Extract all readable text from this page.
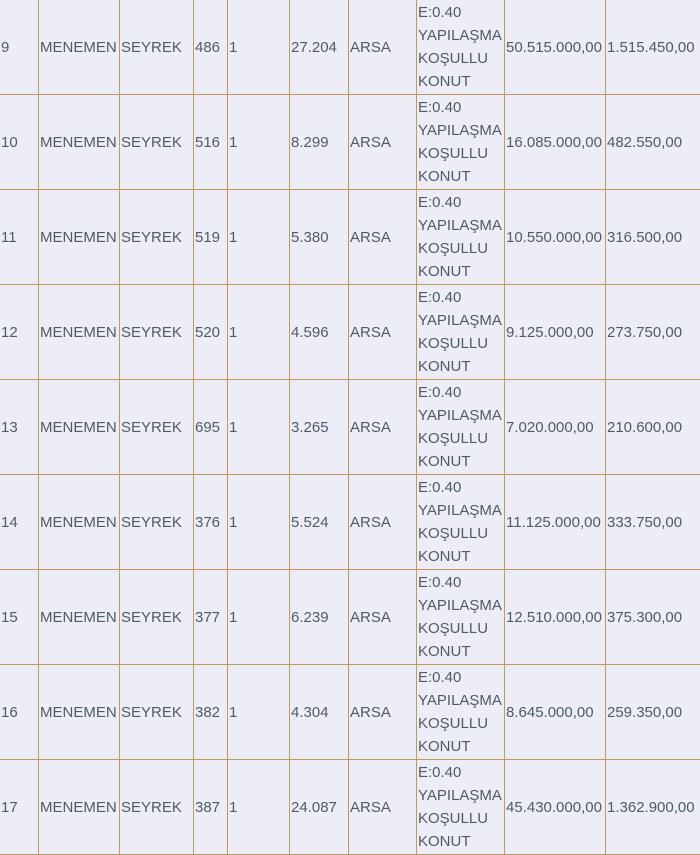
9	MENEMEN	SEYREK	486	1	27.204	ARSA	E:0.40
YAPILAŞMA
KOŞULLU
KONUT	50.515.000,00	1.515.450,00
10	MENEMEN	SEYREK	516	1	8.299	ARSA	E:0.40
YAPILAŞMA
KOŞULLU
KONUT	16.085.000,00	482.550,00
11	MENEMEN	SEYREK	519	1	5.380	ARSA	E:0.40
YAPILAŞMA
KOŞULLU
KONUT	10.550.000,00	316.500,00
12	MENEMEN	SEYREK	520	1	4.596	ARSA	E:0.40
YAPILAŞMA
KOŞULLU
KONUT	9.125.000,00	273.750,00
13	MENEMEN	SEYREK	695	1	3.265	ARSA	E:0.40
YAPILAŞMA
KOŞULLU
KONUT	7.020.000,00	210.600,00
14	MENEMEN	SEYREK	376	1	5.524	ARSA	E:0.40
YAPILAŞMA
KOŞULLU
KONUT	11.125.000,00	333.750,00
15	MENEMEN	SEYREK	377	1	6.239	ARSA	E:0.40
YAPILAŞMA
KOŞULLU
KONUT	12.510.000,00	375.300,00
16	MENEMEN	SEYREK	382	1	4.304	ARSA	E:0.40
YAPILAŞMA
KOŞULLU
KONUT	8.645.000,00	259.350,00
17	MENEMEN	SEYREK	387	1	24.087	ARSA	E:0.40
YAPILAŞMA
KOŞULLU
KONUT	45.430.000,00	1.362.900,00
